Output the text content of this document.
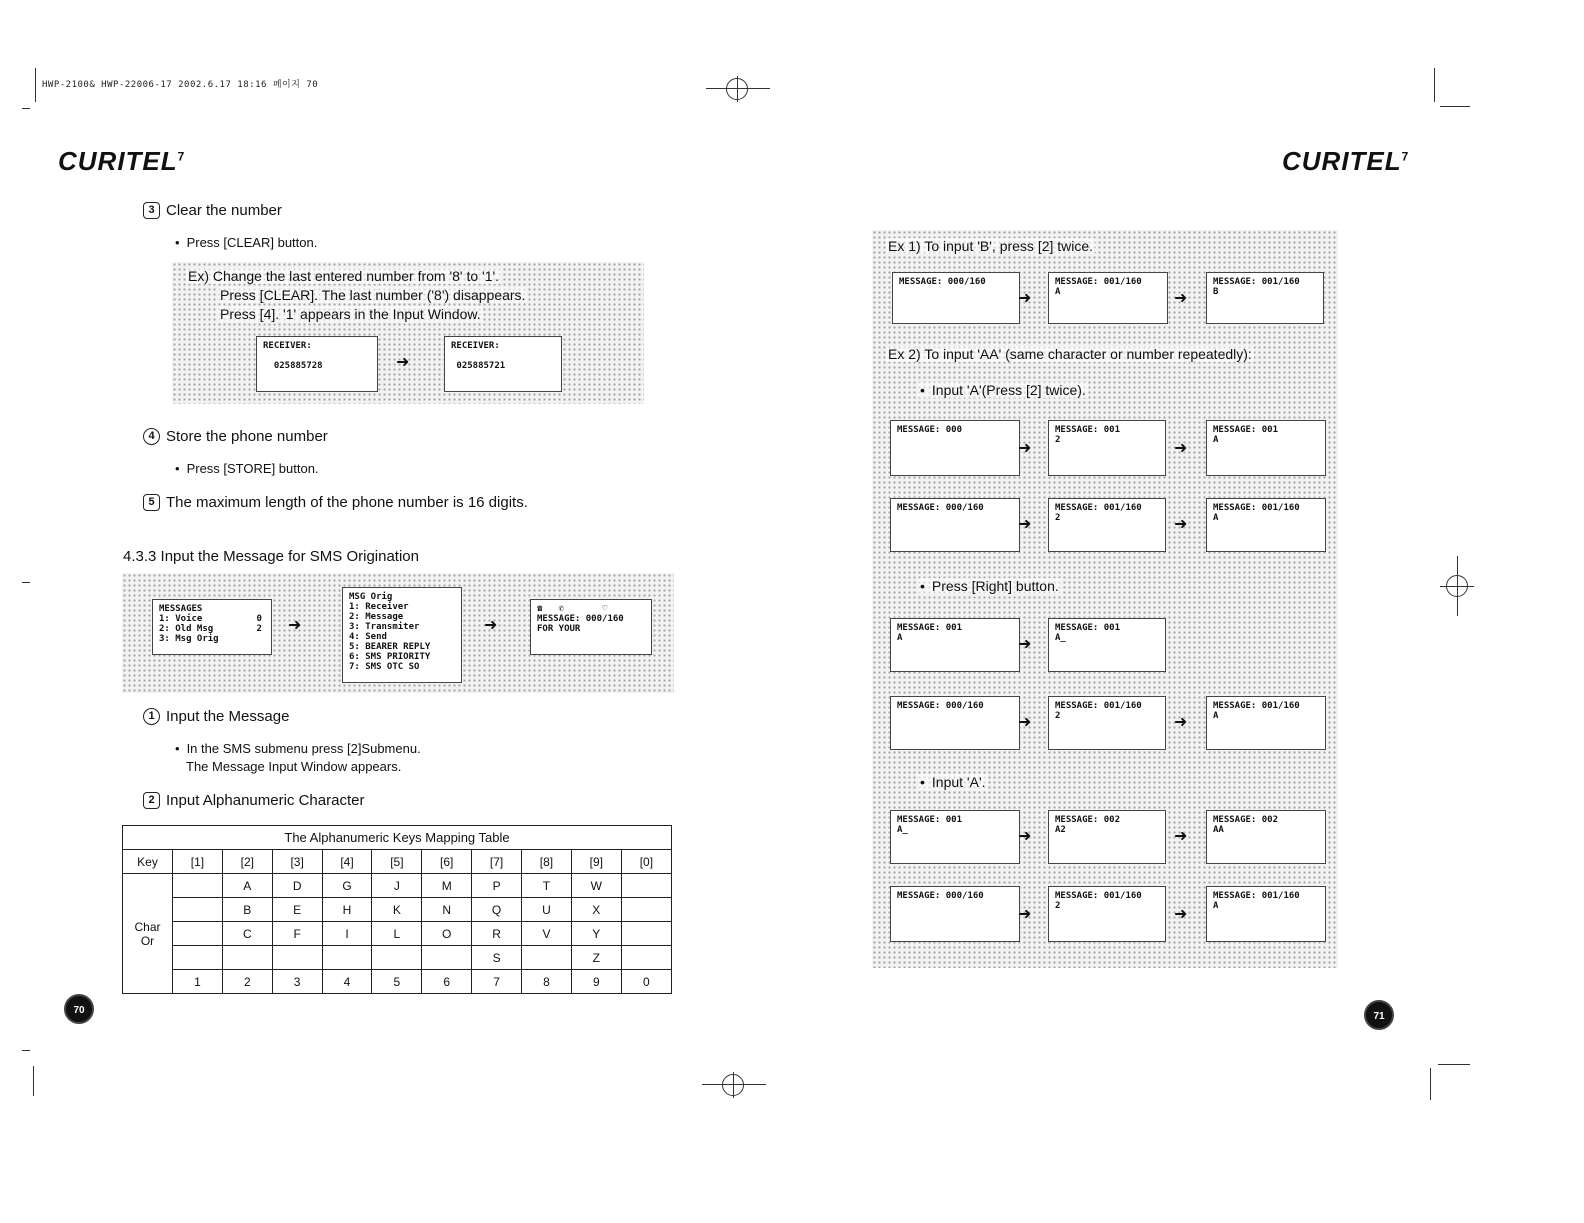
HWP-2100& HWP-22006-17 2002.6.17 18:16 페이지 70
CURITEL$^7$
3 Clear the number
• Press [CLEAR] button.
Ex) Change the last entered number from '8' to '1'.
Press [CLEAR]. The last number ('8') disappears.
Press [4]. '1' appears in the Input Window.
RECEIVER:

025885728	➜
RECEIVER:

025885721
4 Store the phone number
• Press [STORE] button.
5 The maximum length of the phone number is 16 digits.
4.3.3 Input the Message for SMS Origination
MESSAGES
1: Voice          0
2: Old Msg        2
3: Msg Orig
➜
MSG Orig
1: Receiver
2: Message
3: Transmiter
4: Send
5: BEARER REPLY
6: SMS PRIORITY
7: SMS OTC SO
➜
☎   ✆       ♡
MESSAGE: 000/160
FOR YOUR
1 Input the Message
• In the SMS submenu press [2]Submenu.
The Message Input Window appears.
2 Input Alphanumeric Character
The Alphanumeric Keys Mapping Table										
Key	[1]	[2]	[3]	[4]	[5]	[6]	[7]	[8]	[9]	[0]
Char
Or		A	D	G	J	M	P	T	W	
		B	E	H	K	N	Q	U	X	
		C	F	I	L	O	R	V	Y	
							S		Z	
	1	2	3	4	5	6	7	8	9	0
70
CURITEL$^7$
Ex 1) To input 'B', press [2] twice.
MESSAGE: 000/160
➜
MESSAGE: 001/160
A	➜
MESSAGE: 001/160
B
Ex 2) To input 'AA' (same character or number repeatedly):
• Input 'A'(Press [2] twice).
MESSAGE: 000
➜
MESSAGE: 001
2	➜
MESSAGE: 001
A
MESSAGE: 000/160
➜
MESSAGE: 001/160
2	➜
MESSAGE: 001/160
A
• Press [Right] button.
MESSAGE: 001
A	➜
MESSAGE: 001
A_
MESSAGE: 000/160
➜
MESSAGE: 001/160
2	➜
MESSAGE: 001/160
A
• Input 'A'.
MESSAGE: 001
A_	➜
MESSAGE: 002
A2	➜
MESSAGE: 002
AA
MESSAGE: 000/160
➜
MESSAGE: 001/160
2	➜
MESSAGE: 001/160
A
71
